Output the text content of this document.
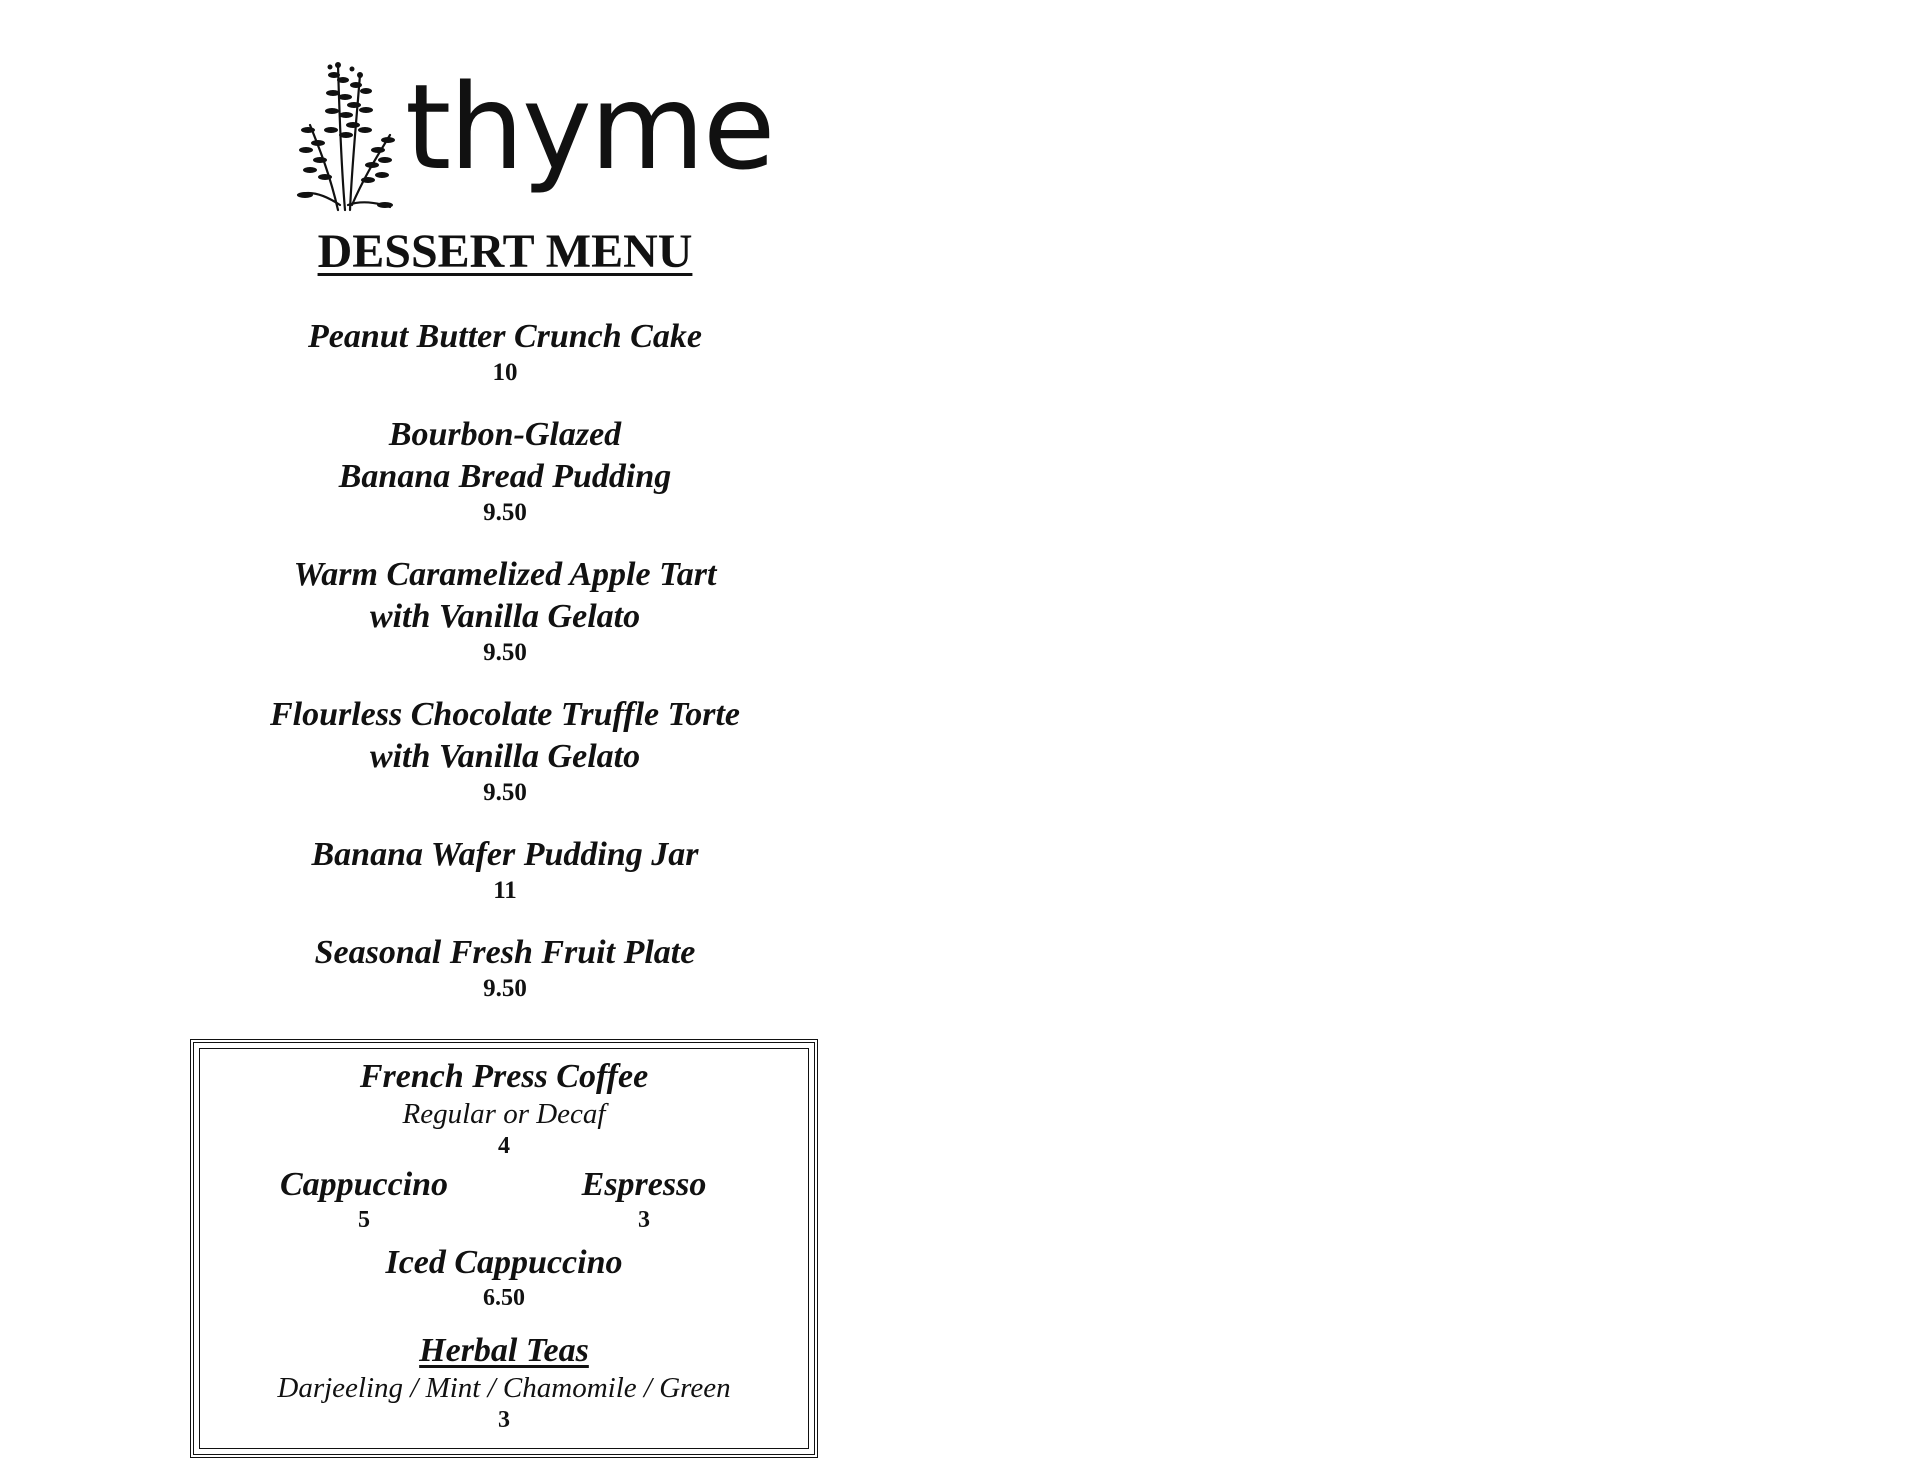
thyme
DESSERT MENU
Peanut Butter Crunch Cake
10
Bourbon-Glazed
Banana Bread Pudding
9.50
Warm Caramelized Apple Tart
with Vanilla Gelato
9.50
Flourless Chocolate Truffle Torte
with Vanilla Gelato
9.50
Banana Wafer Pudding Jar
11
Seasonal Fresh Fruit Plate
9.50
French Press Coffee
Regular or Decaf
4
Cappuccino
5
Espresso
3
Iced Cappuccino
6.50
Herbal Teas
Darjeeling / Mint / Chamomile / Green
3
